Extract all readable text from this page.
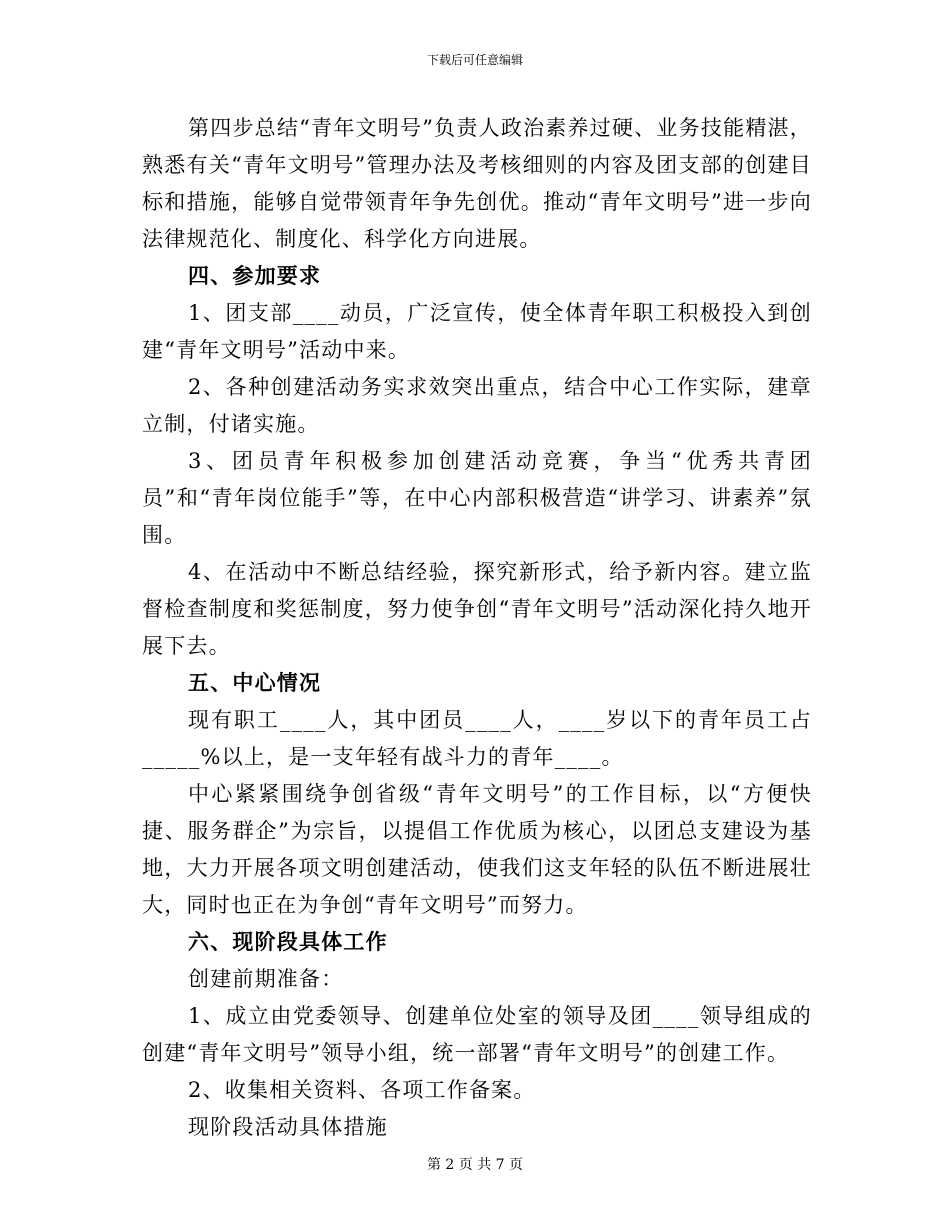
下载后可任意编辑

第四步总结“青年文明号”负责人政治素养过硬、业务技能精湛，熟悉有关“青年文明号”管理办法及考核细则的内容及团支部的创建目标和措施，能够自觉带领青年争先创优。推动“青年文明号”进一步向法律规范化、制度化、科学化方向进展。

四、参加要求

1、团支部____动员，广泛宣传，使全体青年职工积极投入到创建“青年文明号”活动中来。

2、各种创建活动务实求效突出重点，结合中心工作实际，建章立制，付诸实施。

3、团员青年积极参加创建活动竞赛，争当“优秀共青团员”和“青年岗位能手”等，在中心内部积极营造“讲学习、讲素养”氛围。

4、在活动中不断总结经验，探究新形式，给予新内容。建立监督检查制度和奖惩制度，努力使争创“青年文明号”活动深化持久地开展下去。

五、中心情况

现有职工____人，其中团员____人，____岁以下的青年员工占_____%以上，是一支年轻有战斗力的青年____。

中心紧紧围绕争创省级“青年文明号”的工作目标，以“方便快捷、服务群企”为宗旨，以提倡工作优质为核心，以团总支建设为基地，大力开展各项文明创建活动，使我们这支年轻的队伍不断进展壮大，同时也正在为争创“青年文明号”而努力。

六、现阶段具体工作

创建前期准备：

1、成立由党委领导、创建单位处室的领导及团____领导组成的创建“青年文明号”领导小组，统一部署“青年文明号”的创建工作。

2、收集相关资料、各项工作备案。

现阶段活动具体措施

第 2 页 共 7 页
